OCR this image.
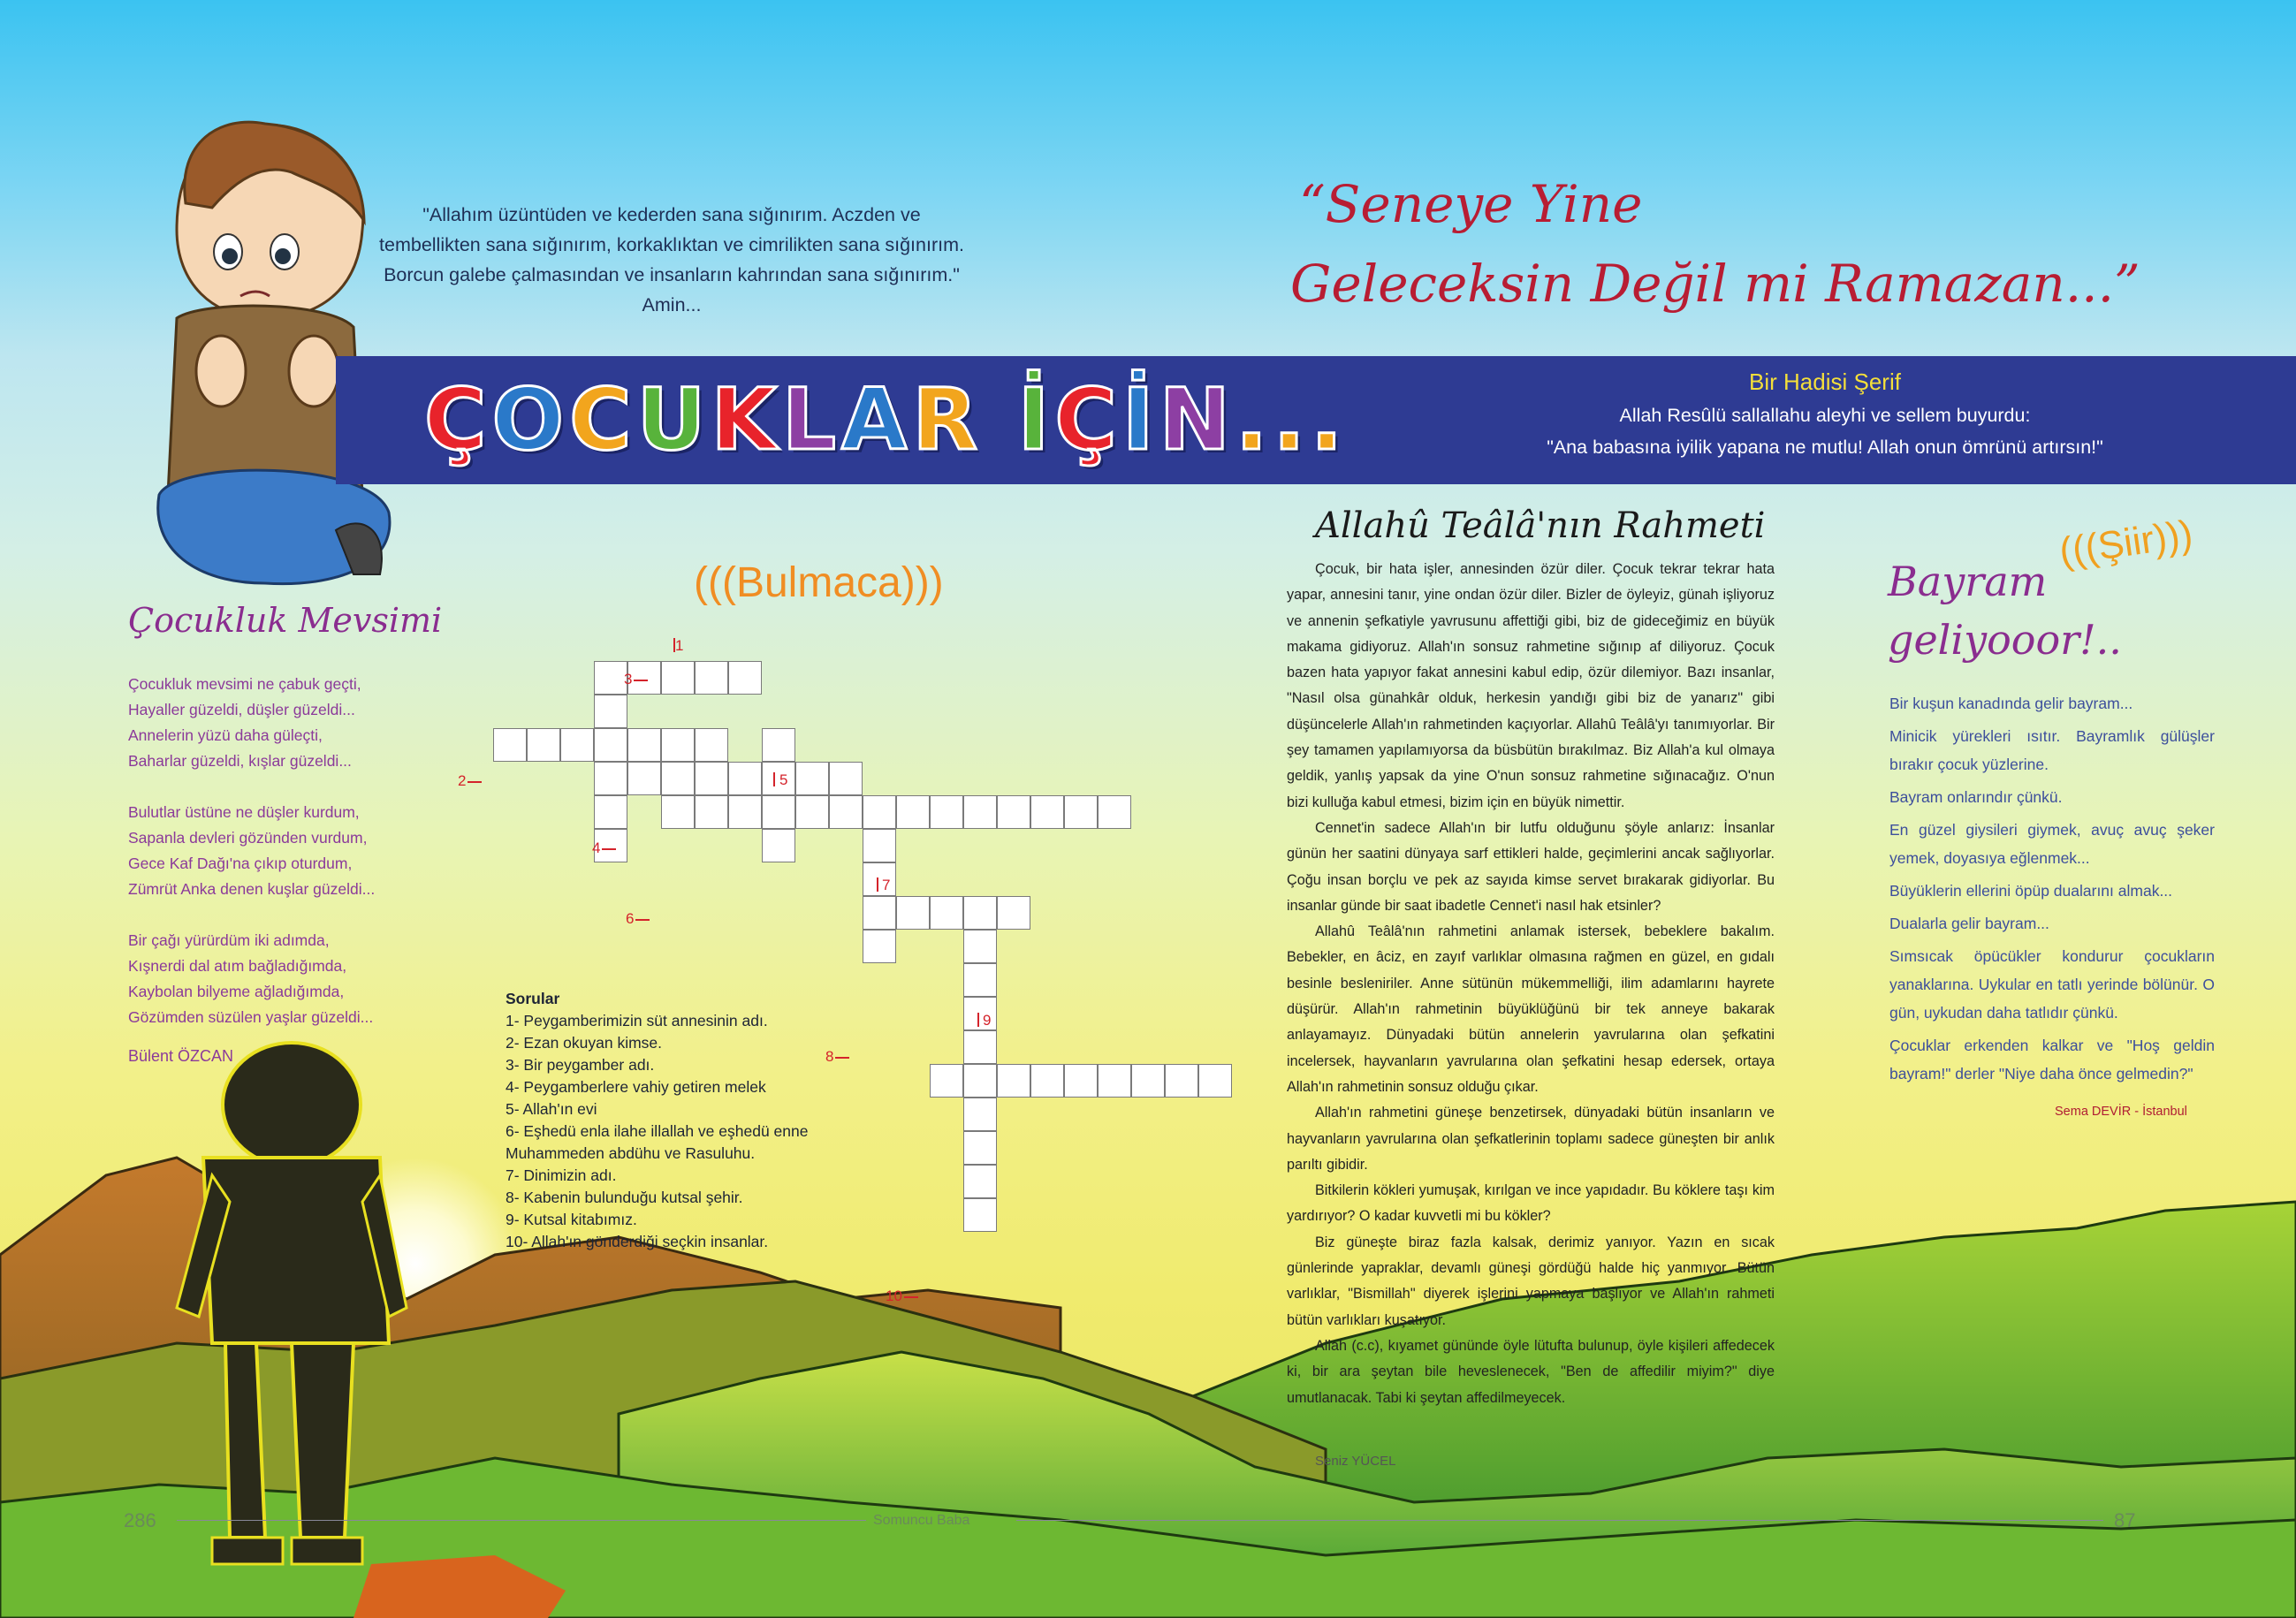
ÇOCUKLAR İÇİN...
"Allahım üzüntüden ve kederden sana sığınırım. Aczden ve
tembellikten sana sığınırım, korkaklıktan ve cimrilikten sana sığınırım.
Borcun galebe çalmasından ve insanların kahrından sana sığınırım."
Amin...
“Seneye Yine
Geleceksin Değil mi Ramazan...”
Bir Hadisi Şerif
Allah Resûlü sallallahu aleyhi ve sellem buyurdu:
"Ana babasına iyilik yapana ne mutlu! Allah onun ömrünü artırsın!"
Çocukluk Mevsimi
Çocukluk mevsimi ne çabuk geçti,
Hayaller güzeldi, düşler güzeldi...
Annelerin yüzü daha güleçti,
Baharlar güzeldi, kışlar güzeldi...
Bulutlar üstüne ne düşler kurdum,
Sapanla devleri gözünden vurdum,
Gece Kaf Dağı'na çıkıp oturdum,
Zümrüt Anka denen kuşlar güzeldi...
Bir çağı yürürdüm iki adımda,
Kışnerdi dal atım bağladığımda,
Kaybolan bilyeme ağladığımda,
Gözümden süzülen yaşlar güzeldi...
Bülent ÖZCAN
(((Bulmaca)))
1
3
2	5
4
7
6
9
8
10
Sorular
1- Peygamberimizin süt annesinin adı.
2- Ezan okuyan kimse.
3- Bir peygamber adı.
4- Peygamberlere vahiy getiren melek
5- Allah'ın evi
6- Eşhedü enla ilahe illallah ve eşhedü enne
Muhammeden abdühu ve Rasuluhu.
7- Dinimizin adı.
8- Kabenin bulunduğu kutsal şehir.
9- Kutsal kitabımız.
10- Allah'ın gönderdiği seçkin insanlar.
Allahû Teâlâ'nın Rahmeti

Çocuk, bir hata işler, annesinden özür diler. Çocuk tekrar tekrar hata yapar, annesini tanır, yine ondan özür diler. Bizler de öyleyiz, günah işliyoruz ve annenin şefkatiyle yavrusunu affettiği gibi, biz de gideceğimiz en büyük makama gidiyoruz. Allah'ın sonsuz rahmetine sığınıp af diliyoruz. Çocuk bazen hata yapıyor fakat annesini kabul edip, özür dilemiyor. Bazı insanlar, "Nasıl olsa günahkâr olduk, herkesin yandığı gibi biz de yanarız" gibi düşüncelerle Allah'ın rahmetinden kaçıyorlar. Allahû Teâlâ'yı tanımıyorlar. Bir şey tamamen yapılamıyorsa da büsbütün bırakılmaz. Biz Allah'a kul olmaya geldik, yanlış yapsak da yine O'nun sonsuz rahmetine sığınacağız. O'nun bizi kulluğa kabul etmesi, bizim için en büyük nimettir.

Cennet'in sadece Allah'ın bir lutfu olduğunu şöyle anlarız: İnsanlar günün her saatini dünyaya sarf ettikleri halde, geçimlerini ancak sağlıyorlar. Çoğu insan borçlu ve pek az sayıda kimse servet bırakarak gidiyorlar. Bu insanlar günde bir saat ibadetle Cennet'i nasıl hak etsinler?

Allahû Teâlâ'nın rahmetini anlamak istersek, bebeklere bakalım. Bebekler, en âciz, en zayıf varlıklar olmasına rağmen en güzel, en gıdalı besinle besleniriler. Anne sütünün mükemmelliği, ilim adamlarını hayrete düşürür. Allah'ın rahmetinin büyüklüğünü bir tek anneye bakarak anlayamayız. Dünyadaki bütün annelerin yavrularına olan şefkatini incelersek, hayvanların yavrularına olan şefkatini hesap edersek, ortaya Allah'ın rahmetinin sonsuz olduğu çıkar.

Allah'ın rahmetini güneşe benzetirsek, dünyadaki bütün insanların ve hayvanların yavrularına olan şefkatlerinin toplamı sadece güneşten bir anlık parıltı gibidir.

Bitkilerin kökleri yumuşak, kırılgan ve ince yapıdadır. Bu köklere taşı kim yardırıyor? O kadar kuvvetli mi bu kökler?

Biz güneşte biraz fazla kalsak, derimiz yanıyor. Yazın en sıcak günlerinde yapraklar, devamlı güneşi gördüğü halde hiç yanmıyor. Bütün varlıklar, "Bismillah" diyerek işlerini yapmaya başlıyor ve Allah'ın rahmeti bütün varlıkları kuşatıyor.

Allah (c.c), kıyamet gününde öyle lütufta bulunup, öyle kişileri affedecek ki, bir ara şeytan bile heveslenecek, "Ben de affedilir miyim?" diye umutlanacak. Tabi ki şeytan affedilmeyecek.

Seniz YÜCEL
(((Şiir)))
Bayram
geliyooor!..

Bir kuşun kanadında gelir bayram...

Minicik yürekleri ısıtır. Bayramlık gülüşler bırakır çocuk yüzlerine.

Bayram onlarındır çünkü.

En güzel giysileri giymek, avuç avuç şeker yemek, doyasıya eğlenmek...

Büyüklerin ellerini öpüp dualarını almak...

Dualarla gelir bayram...

Sımsıcak öpücükler kondurur çocukların yanaklarına. Uykular en tatlı yerinde bölünür. O gün, uykudan daha tatlıdır çünkü.

Çocuklar erkenden kalkar ve "Hoş geldin bayram!" derler "Niye daha önce gelmedin?"

Sema DEVİR - İstanbul
286	Somuncu Baba	87
